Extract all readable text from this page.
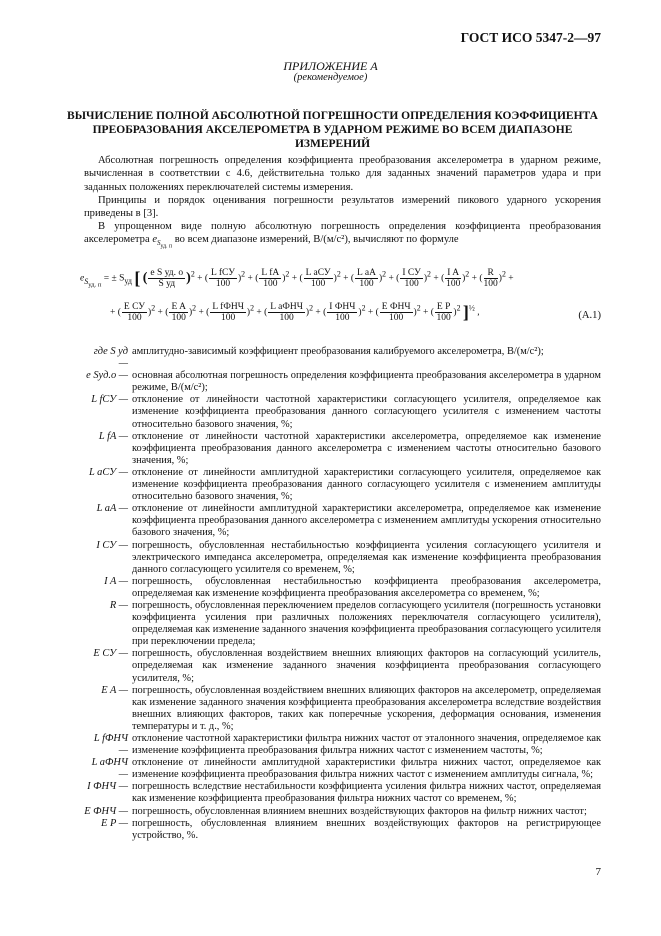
ГОСТ ИСО 5347-2—97
ПРИЛОЖЕНИЕ А
(рекомендуемое)
ВЫЧИСЛЕНИЕ ПОЛНОЙ АБСОЛЮТНОЙ ПОГРЕШНОСТИ ОПРЕДЕЛЕНИЯ КОЭФФИЦИЕНТА
ПРЕОБРАЗОВАНИЯ АКСЕЛЕРОМЕТРА В УДАРНОМ РЕЖИМЕ ВО ВСЕМ ДИАПАЗОНЕ ИЗМЕРЕНИЙ
Абсолютная погрешность определения коэффициента преобразования акселерометра в ударном режиме, вычисленная в соответствии с 4.6, действительна только для заданных значений параметров удара и при заданных положениях переключателей системы измерения.
Принципы и порядок оценивания погрешности результатов измерений пикового ударного ускорения приведены в [3].
В упрощенном виде полную абсолютную погрешность определения коэффициента преобразования акселерометра $e_{S_{уд. п}}$ во всем диапазоне измерений, В/(м/с²), вычисляют по формуле
$e_{S_{уд. п}}$ = ± $S_{уд}$ [ ( $\frac{\text{e S уд. о}}{\text{S уд}} )^2$ + ( $\frac{\text{L fСУ}}{100} )^2$ + ( $\frac{\text{L fA}}{100} )^2$ + ( $\frac{\text{L aСУ}}{100} )^2$ + ( $\frac{\text{L aA}}{100} )^2$ + ( $\frac{\text{I СУ}}{100} )^2$ + ( $\frac{\text{I A}}{100} )^2$ + ( $\frac{R}{100} )^2$ +
+ ( $\frac{\text{E СУ}}{100} )^2$ + ( $\frac{\text{E A}}{100} )^2$ + ( $\frac{\text{L fФНЧ}}{100} )^2$ + ( $\frac{\text{L aФНЧ}}{100} )^2$ + ( $\frac{\text{I ФНЧ}}{100} )^2$ + ( $\frac{\text{E ФНЧ}}{100} )^2$ + ( $\frac{\text{E P}}{100} )^2$ ]$^{\frac{1}{2}}$ ,	(A.1)
где S уд —
амплитудно-зависимый коэффициент преобразования калибруемого акселерометра, В/(м/с²);
e Sуд.о — основная абсолютная погрешность определения коэффициента преобразования акселерометра в ударном режиме, В/(м/с²);
L fСУ — отклонение от линейности частотной характеристики согласующего усилителя, определяемое как изменение коэффициента преобразования данного согласующего усилителя с изменением частоты относительно базового значения, %;
L fA — отклонение от линейности частотной характеристики акселерометра, определяемое как изменение коэффициента преобразования данного акселерометра с изменением частоты относительно базового значения, %;
L aСУ — отклонение от линейности амплитудной характеристики согласующего усилителя, определяемое как изменение коэффициента преобразования данного согласующего усилителя с изменением амплитуды относительно базового значения, %;
L aA — отклонение от линейности амплитудной характеристики акселерометра, определяемое как изменение коэффициента преобразования данного акселерометра с изменением амплитуды ускорения относительно базового значения, %;
I СУ — погрешность, обусловленная нестабильностью коэффициента усиления согласующего усилителя и электрического импеданса акселерометра, определяемая как изменение коэффициента преобразования данного согласующего усилителя со временем, %;
I A — погрешность, обусловленная нестабильностью коэффициента преобразования акселерометра, определяемая как изменение коэффициента преобразования акселерометра со временем, %;
R — погрешность, обусловленная переключением пределов согласующего усилителя (погрешность установки коэффициента усиления при различных положениях переключателя согласующего усилителя), определяемая как изменение заданного значения коэффициента преобразования согласующего усилителя при переключении предела;
E СУ — погрешность, обусловленная воздействием внешних влияющих факторов на согласующий усилитель, определяемая как изменение заданного значения коэффициента преобразования согласующего усилителя, %;
E A — погрешность, обусловленная воздействием внешних влияющих факторов на акселерометр, определяемая как изменение заданного значения коэффициента преобразования акселерометра вследствие воздействия внешних влияющих факторов, таких как поперечные ускорения, деформация основания, изменения температуры и т. д., %;
L fФНЧ —
отклонение частотной характеристики фильтра нижних частот от эталонного значения, определяемое как изменение коэффициента преобразования фильтра нижних частот с изменением частоты, %;
L aФНЧ —
отклонение от линейности амплитудной характеристики фильтра нижних частот, определяемое как изменение коэффициента преобразования фильтра нижних частот с изменением амплитуды сигнала, %;
I ФНЧ — погрешность вследствие нестабильности коэффициента усиления фильтра нижних частот, определяемая как изменение коэффициента преобразования фильтра нижних частот со временем, %;
E ФНЧ — погрешность, обусловленная влиянием внешних воздействующих факторов на фильтр нижних частот;
E P — погрешность, обусловленная влиянием внешних воздействующих факторов на регистрирующее устройство, %.
7
